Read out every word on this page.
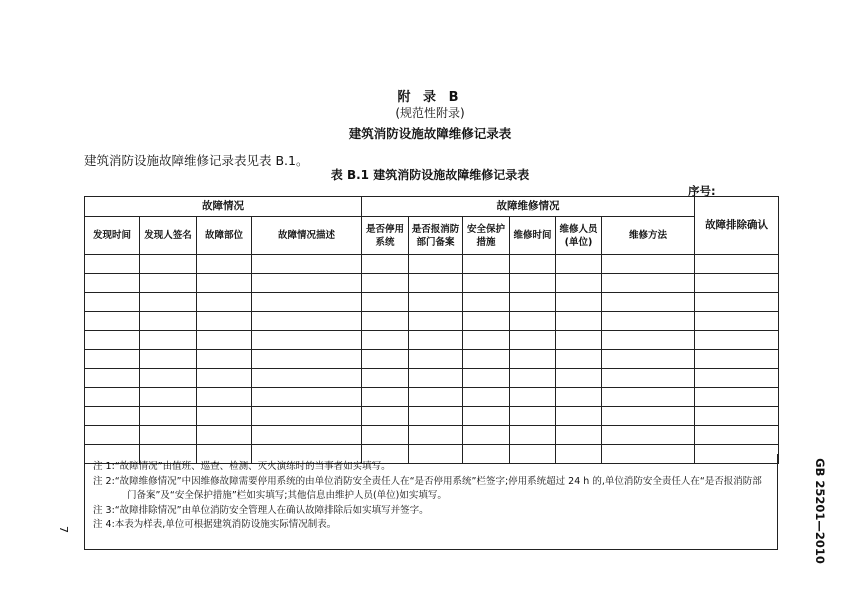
附 录 B
(规范性附录)
建筑消防设施故障维修记录表
建筑消防设施故障维修记录表见表 B.1。
表 B.1 建筑消防设施故障维修记录表
序号:
故障情况				故障维修情况						故障排除确认
发现时间	发现人签名	故障部位	故障情况描述	是否停用系统	是否报消防部门备案	安全保护措施	维修时间	维修人员(单位)	维修方法	

注 1:“故障情况”由值班、巡查、检测、灭火演练时的当事者如实填写。

注 2:“故障维修情况”中因维修故障需要停用系统的由单位消防安全责任人在“是否停用系统”栏签字;停用系统超过 24 h 的,单位消防安全责任人在“是否报消防部门备案”及“安全保护措施”栏如实填写;其他信息由维护人员(单位)如实填写。

注 3:“故障排除情况”由单位消防安全管理人在确认故障排除后如实填写并签字。

注 4:本表为样表,单位可根据建筑消防设施实际情况制表。	GB 25201—2010
7
